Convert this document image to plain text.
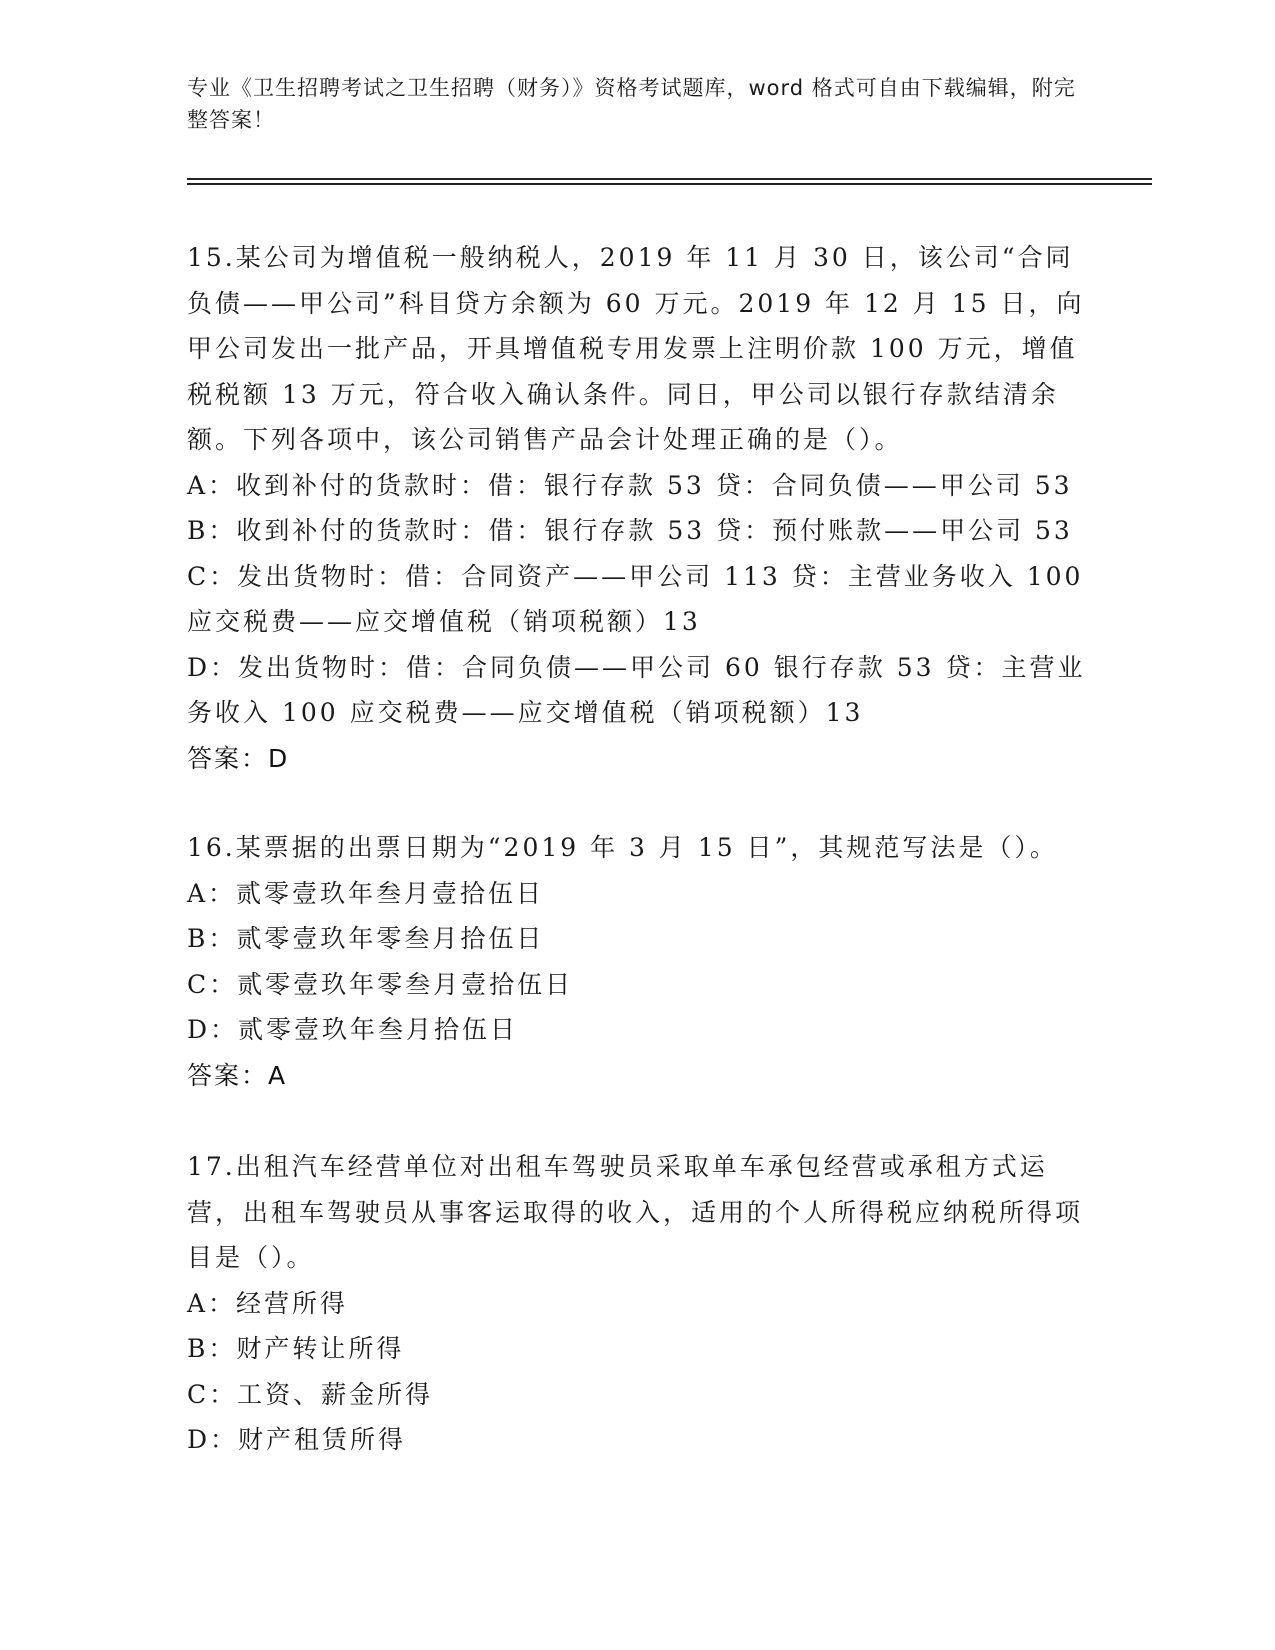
专业《卫生招聘考试之卫生招聘（财务）》资格考试题库，word 格式可自由下载编辑，附完整答案！

15.某公司为增值税一般纳税人，2019 年 11 月 30 日，该公司“合同负债——甲公司”科目贷方余额为 60 万元。2019 年 12 月 15 日，向甲公司发出一批产品，开具增值税专用发票上注明价款 100 万元，增值税税额 13 万元，符合收入确认条件。同日，甲公司以银行存款结清余额。下列各项中，该公司销售产品会计处理正确的是（）。

A：收到补付的货款时：借：银行存款 53 贷：合同负债——甲公司 53

B：收到补付的货款时：借：银行存款 53 贷：预付账款——甲公司 53

C：发出货物时：借：合同资产——甲公司 113 贷：主营业务收入 100 应交税费——应交增值税（销项税额）13

D：发出货物时：借：合同负债——甲公司 60 银行存款 53 贷：主营业务收入 100 应交税费——应交增值税（销项税额）13

答案：D

16.某票据的出票日期为“2019 年 3 月 15 日”，其规范写法是（）。

A：贰零壹玖年叁月壹拾伍日

B：贰零壹玖年零叁月拾伍日

C：贰零壹玖年零叁月壹拾伍日

D：贰零壹玖年叁月拾伍日

答案：A

17.出租汽车经营单位对出租车驾驶员采取单车承包经营或承租方式运营，出租车驾驶员从事客运取得的收入，适用的个人所得税应纳税所得项目是（）。

A：经营所得

B：财产转让所得

C：工资、薪金所得

D：财产租赁所得
